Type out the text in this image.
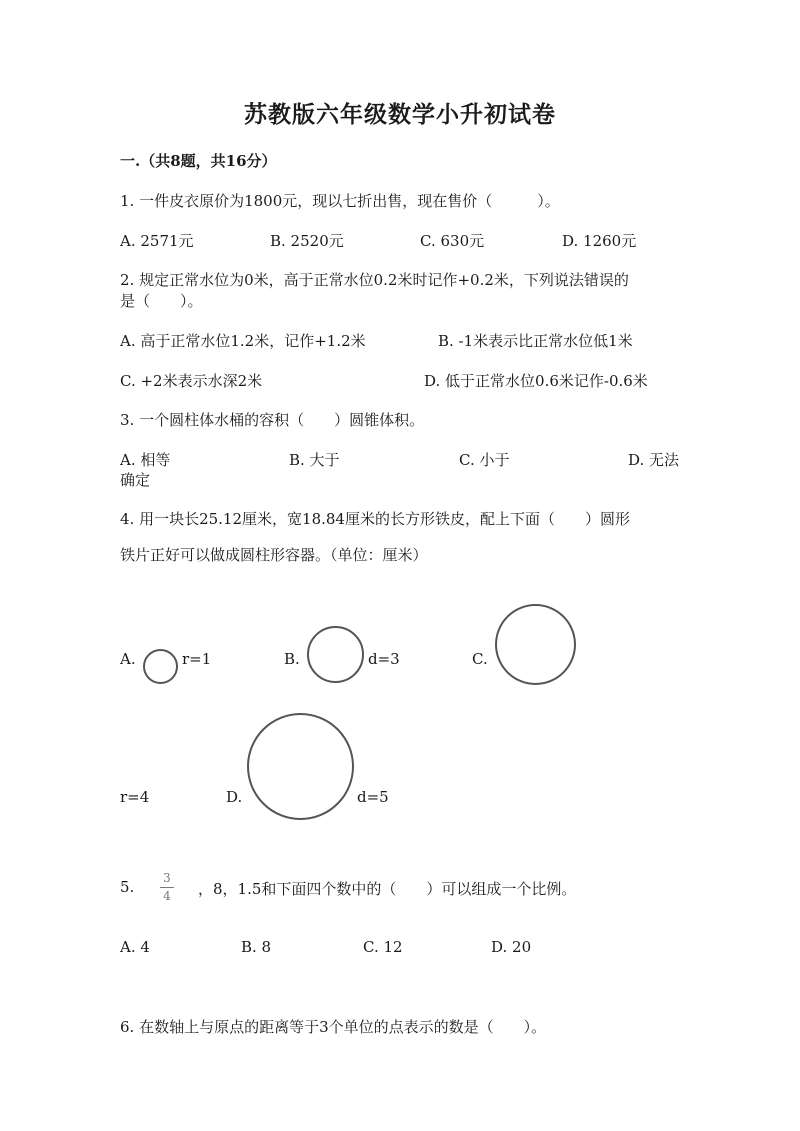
苏教版六年级数学小升初试卷
一.（共8题，共16分）
1. 一件皮衣原价为1800元，现以七折出售，现在售价（　　　）。
A. 2571元	B. 2520元	C. 630元	D. 1260元
2. 规定正常水位为0米，高于正常水位0.2米时记作+0.2米，下列说法错误的
是（　　）。
A. 高于正常水位1.2米，记作+1.2米	B. -1米表示比正常水位低1米
C. +2米表示水深2米	D. 低于正常水位0.6米记作-0.6米
3. 一个圆柱体水桶的容积（　　）圆锥体积。
A. 相等	B. 大于	C. 小于	D. 无法
确定
4. 用一块长25.12厘米，宽18.84厘米的长方形铁皮，配上下面（　　）圆形
铁片正好可以做成圆柱形容器。（单位：厘米）
A.	r=1	B.	d=3	C.
r=4	D.	d=5
5. 3
4 ，8，1.5和下面四个数中的（　　）可以组成一个比例。
A. 4	B. 8	C. 12	D. 20
6. 在数轴上与原点的距离等于3个单位的点表示的数是（　　）。
